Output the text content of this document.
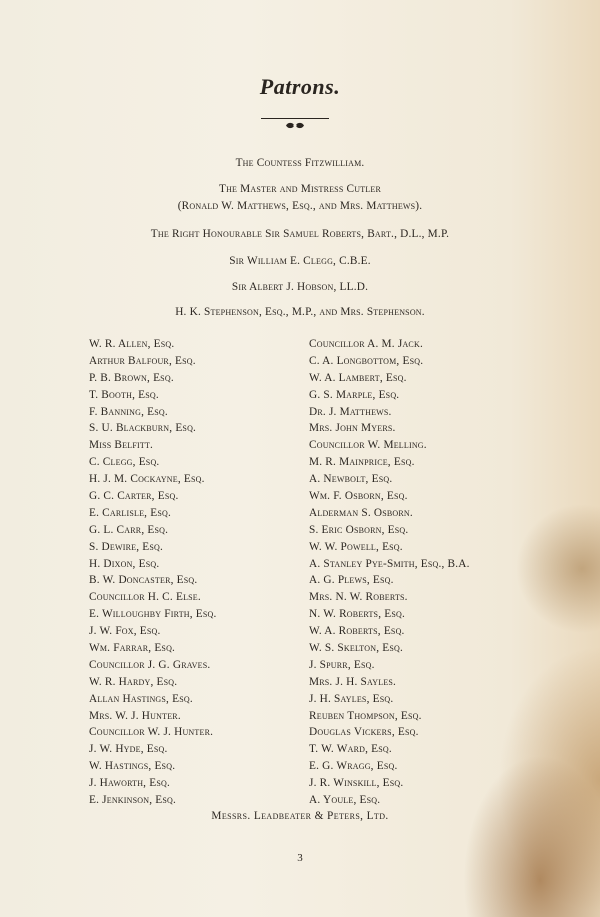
Patrons.
The Countess Fitzwilliam.
The Master and Mistress Cutler
(Ronald W. Matthews, Esq., and Mrs. Matthews).
The Right Honourable Sir Samuel Roberts, Bart., D.L., M.P.
Sir William E. Clegg, C.B.E.
Sir Albert J. Hobson, LL.D.
H. K. Stephenson, Esq., M.P., and Mrs. Stephenson.
W. R. Allen, Esq.
Arthur Balfour, Esq.
P. B. Brown, Esq.
T. Booth, Esq.
F. Banning, Esq.
S. U. Blackburn, Esq.
Miss Belfitt.
C. Clegg, Esq.
H. J. M. Cockayne, Esq.
G. C. Carter, Esq.
E. Carlisle, Esq.
G. L. Carr, Esq.
S. Dewire, Esq.
H. Dixon, Esq.
B. W. Doncaster, Esq.
Councillor H. C. Else.
E. Willoughby Firth, Esq.
J. W. Fox, Esq.
Wm. Farrar, Esq.
Councillor J. G. Graves.
W. R. Hardy, Esq.
Allan Hastings, Esq.
Mrs. W. J. Hunter.
Councillor W. J. Hunter.
J. W. Hyde, Esq.
W. Hastings, Esq.
J. Haworth, Esq.
E. Jenkinson, Esq.
Councillor A. M. Jack.
C. A. Longbottom, Esq.
W. A. Lambert, Esq.
G. S. Marple, Esq.
Dr. J. Matthews.
Mrs. John Myers.
Councillor W. Melling.
M. R. Mainprice, Esq.
A. Newbolt, Esq.
Wm. F. Osborn, Esq.
Alderman S. Osborn.
S. Eric Osborn, Esq.
W. W. Powell, Esq.
A. Stanley Pye-Smith, Esq., B.A.
A. G. Plews, Esq.
Mrs. N. W. Roberts.
N. W. Roberts, Esq.
W. A. Roberts, Esq.
W. S. Skelton, Esq.
J. Spurr, Esq.
Mrs. J. H. Sayles.
J. H. Sayles, Esq.
Reuben Thompson, Esq.
Douglas Vickers, Esq.
T. W. Ward, Esq.
E. G. Wragg, Esq.
J. R. Winskill, Esq.
A. Youle, Esq.
Messrs. Leadbeater & Peters, Ltd.
3
